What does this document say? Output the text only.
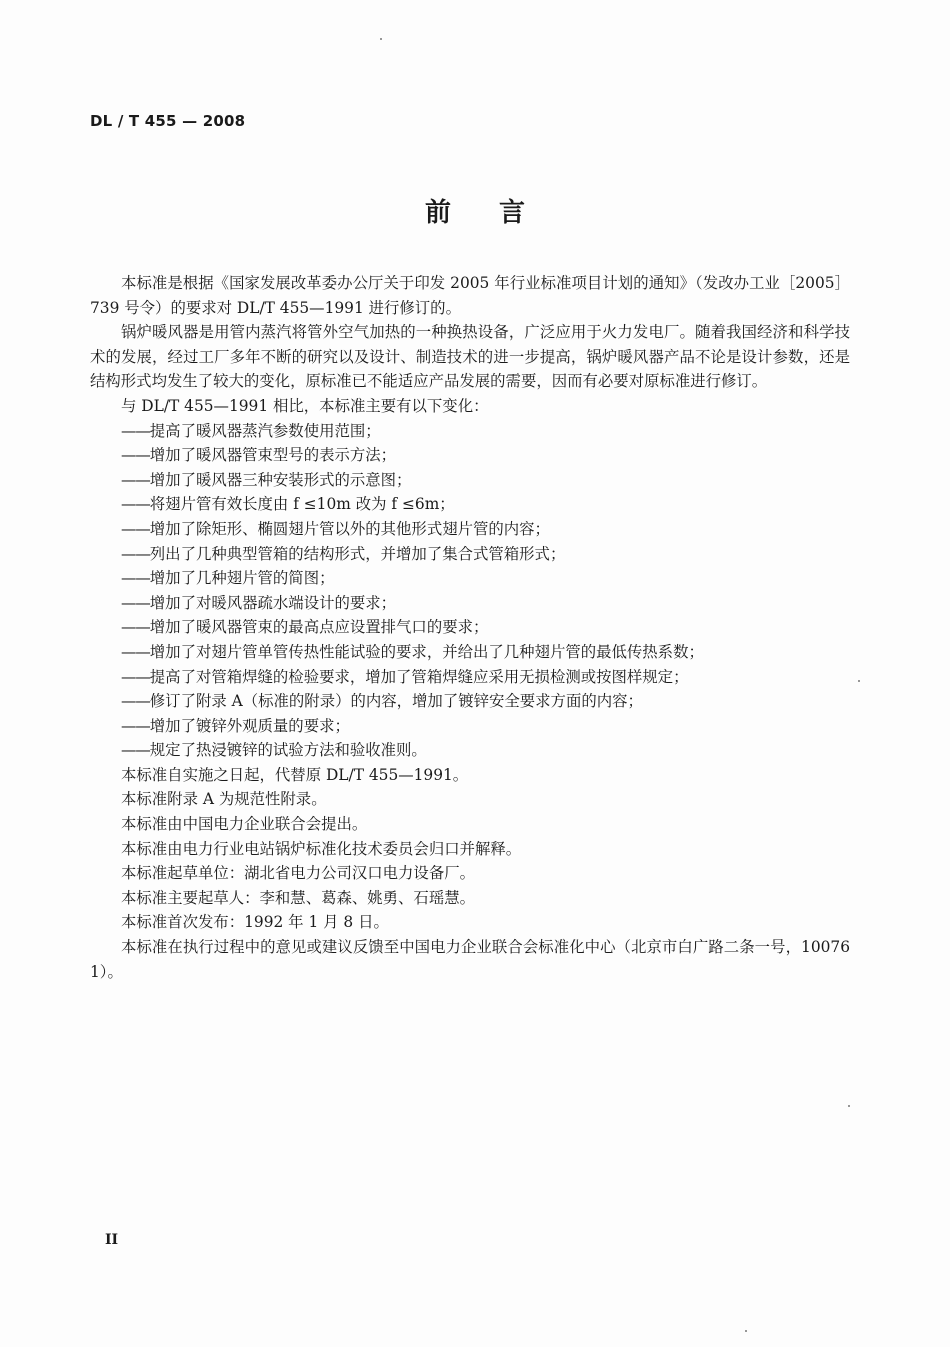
DL / T 455 — 2008
前言

本标准是根据《国家发展改革委办公厅关于印发 2005 年行业标准项目计划的通知》（发改办工业［2005］739 号令）的要求对 DL/T 455—1991 进行修订的。

锅炉暖风器是用管内蒸汽将管外空气加热的一种换热设备，广泛应用于火力发电厂。随着我国经济和科学技术的发展，经过工厂多年不断的研究以及设计、制造技术的进一步提高，锅炉暖风器产品不论是设计参数，还是结构形式均发生了较大的变化，原标准已不能适应产品发展的需要，因而有必要对原标准进行修订。

与 DL/T 455—1991 相比，本标准主要有以下变化：

——提高了暖风器蒸汽参数使用范围；

——增加了暖风器管束型号的表示方法；

——增加了暖风器三种安装形式的示意图；

——将翅片管有效长度由 f ≤10m 改为 f ≤6m；

——增加了除矩形、椭圆翅片管以外的其他形式翅片管的内容；

——列出了几种典型管箱的结构形式，并增加了集合式管箱形式；

——增加了几种翅片管的简图；

——增加了对暖风器疏水端设计的要求；

——增加了暖风器管束的最高点应设置排气口的要求；

——增加了对翅片管单管传热性能试验的要求，并给出了几种翅片管的最低传热系数；

——提高了对管箱焊缝的检验要求，增加了管箱焊缝应采用无损检测或按图样规定；

——修订了附录 A（标准的附录）的内容，增加了镀锌安全要求方面的内容；

——增加了镀锌外观质量的要求；

——规定了热浸镀锌的试验方法和验收准则。

本标准自实施之日起，代替原 DL/T 455—1991。

本标准附录 A 为规范性附录。

本标准由中国电力企业联合会提出。

本标准由电力行业电站锅炉标准化技术委员会归口并解释。

本标准起草单位：湖北省电力公司汉口电力设备厂。

本标准主要起草人：李和慧、葛森、姚勇、石瑶慧。

本标准首次发布：1992 年 1 月 8 日。

本标准在执行过程中的意见或建议反馈至中国电力企业联合会标准化中心（北京市白广路二条一号，100761）。

II
